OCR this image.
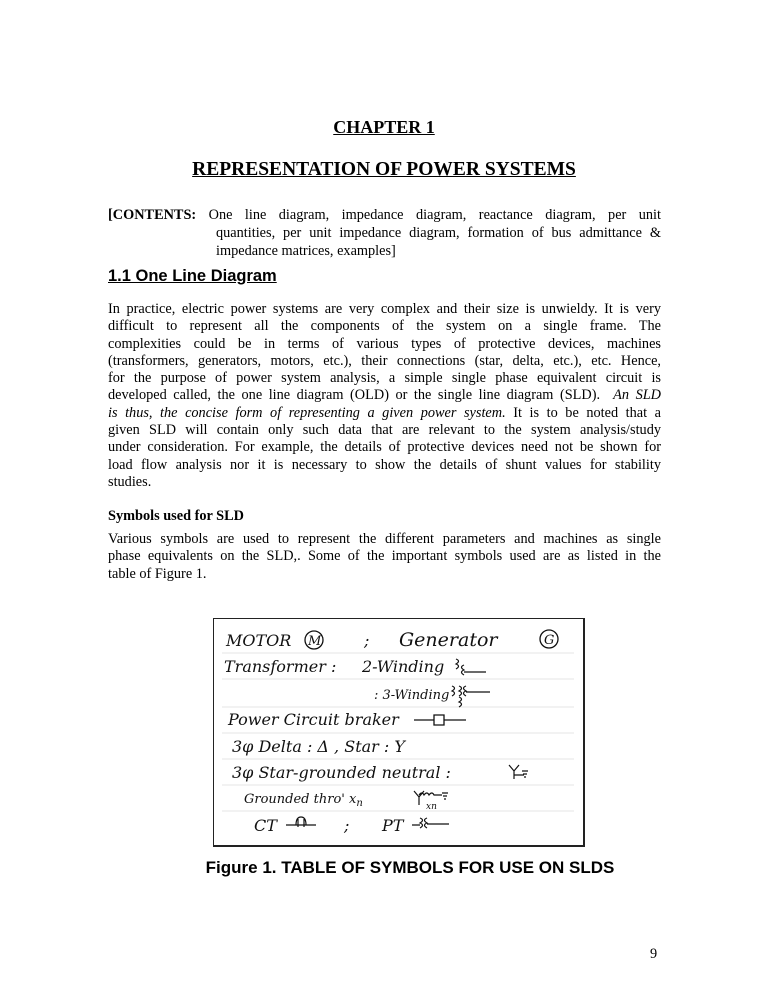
CHAPTER 1
REPRESENTATION OF POWER SYSTEMS
[CONTENTS: One line diagram, impedance diagram, reactance diagram, per unit
quantities, per unit impedance diagram, formation of bus admittance &
impedance matrices, examples]
1.1 One Line Diagram
In practice, electric power systems are very complex and their size is unwieldy. It is very
difficult to represent all the components of the system on a single frame. The
complexities could be in terms of various types of protective devices, machines
(transformers, generators, motors, etc.), their connections (star, delta, etc.), etc. Hence,
for the purpose of power system analysis, a simple single phase equivalent circuit is
developed called, the one line diagram (OLD) or the single line diagram (SLD). An SLD
is thus, the concise form of representing a given power system. It is to be noted that a
given SLD will contain only such data that are relevant to the system analysis/study
under consideration. For example, the details of protective devices need not be shown for
load flow analysis nor it is necessary to show the details of shunt values for stability
studies.
Symbols used for SLD
Various symbols are used to represent the different parameters and machines as single
phase equivalents on the SLD,. Some of the important symbols used are as listed in the
table of Figure 1.
MOTOR M	; Generator	G
Transformer : 2-Winding
: 3-Winding
Power Circuit braker
3φ Delta : Δ , Star : Y
3φ Star-grounded neutral :
Grounded thro' $x_n$	xn
CT	; PT
Figure 1. TABLE OF SYMBOLS FOR USE ON SLDS
9
